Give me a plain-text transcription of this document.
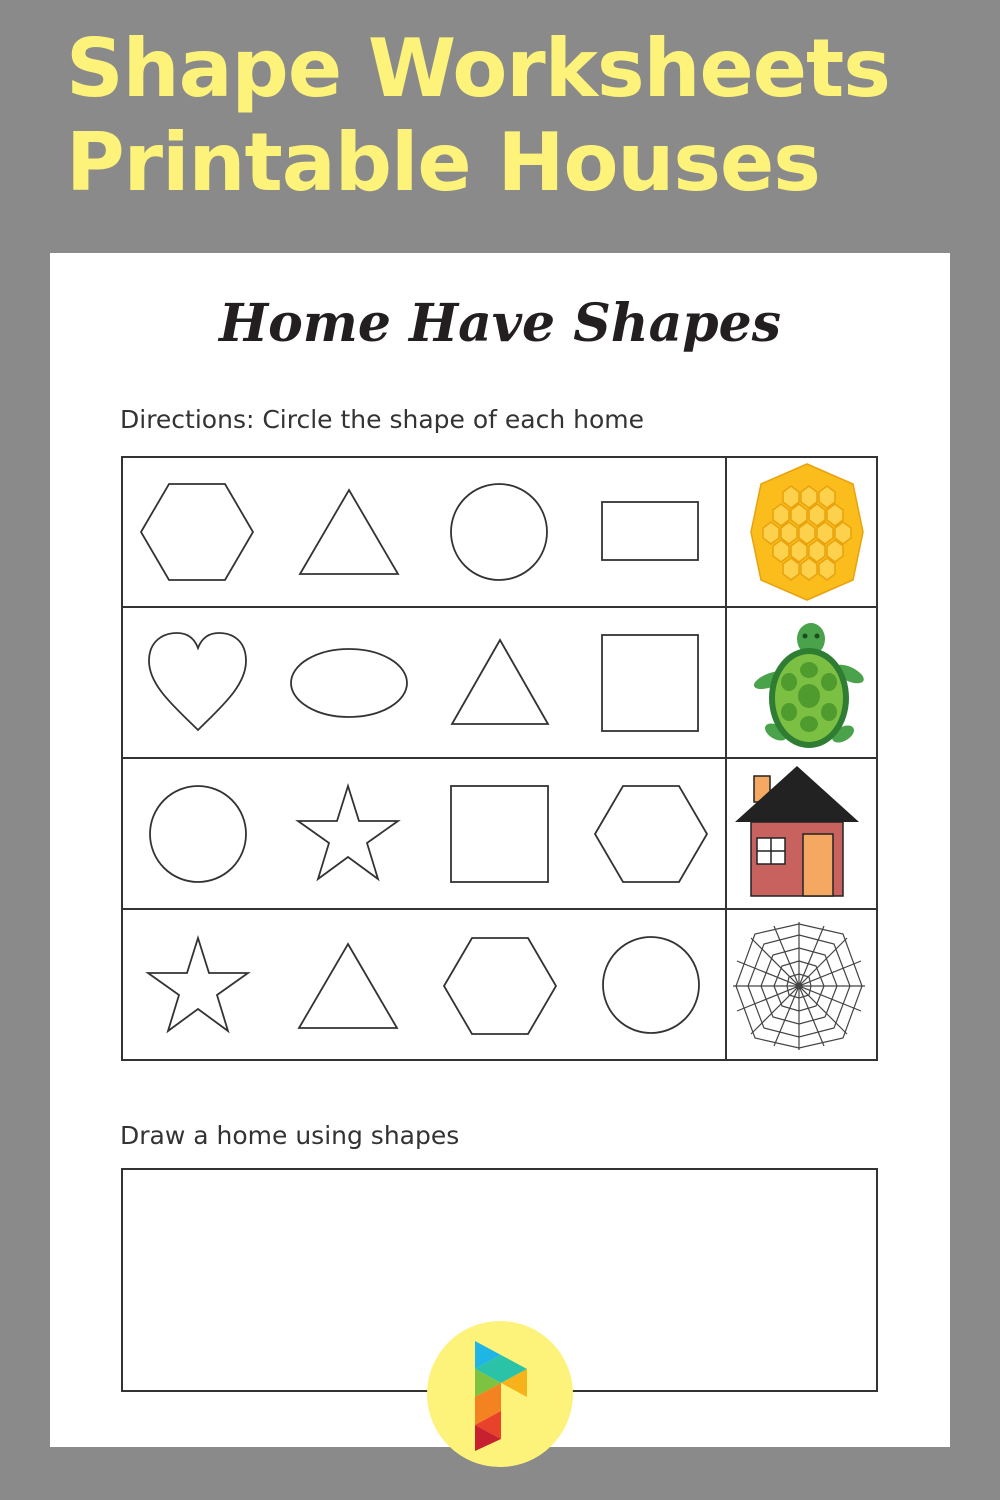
Shape Worksheets
Printable Houses
Home Have Shapes

Directions: Circle the shape of each home

Draw a home using shapes
